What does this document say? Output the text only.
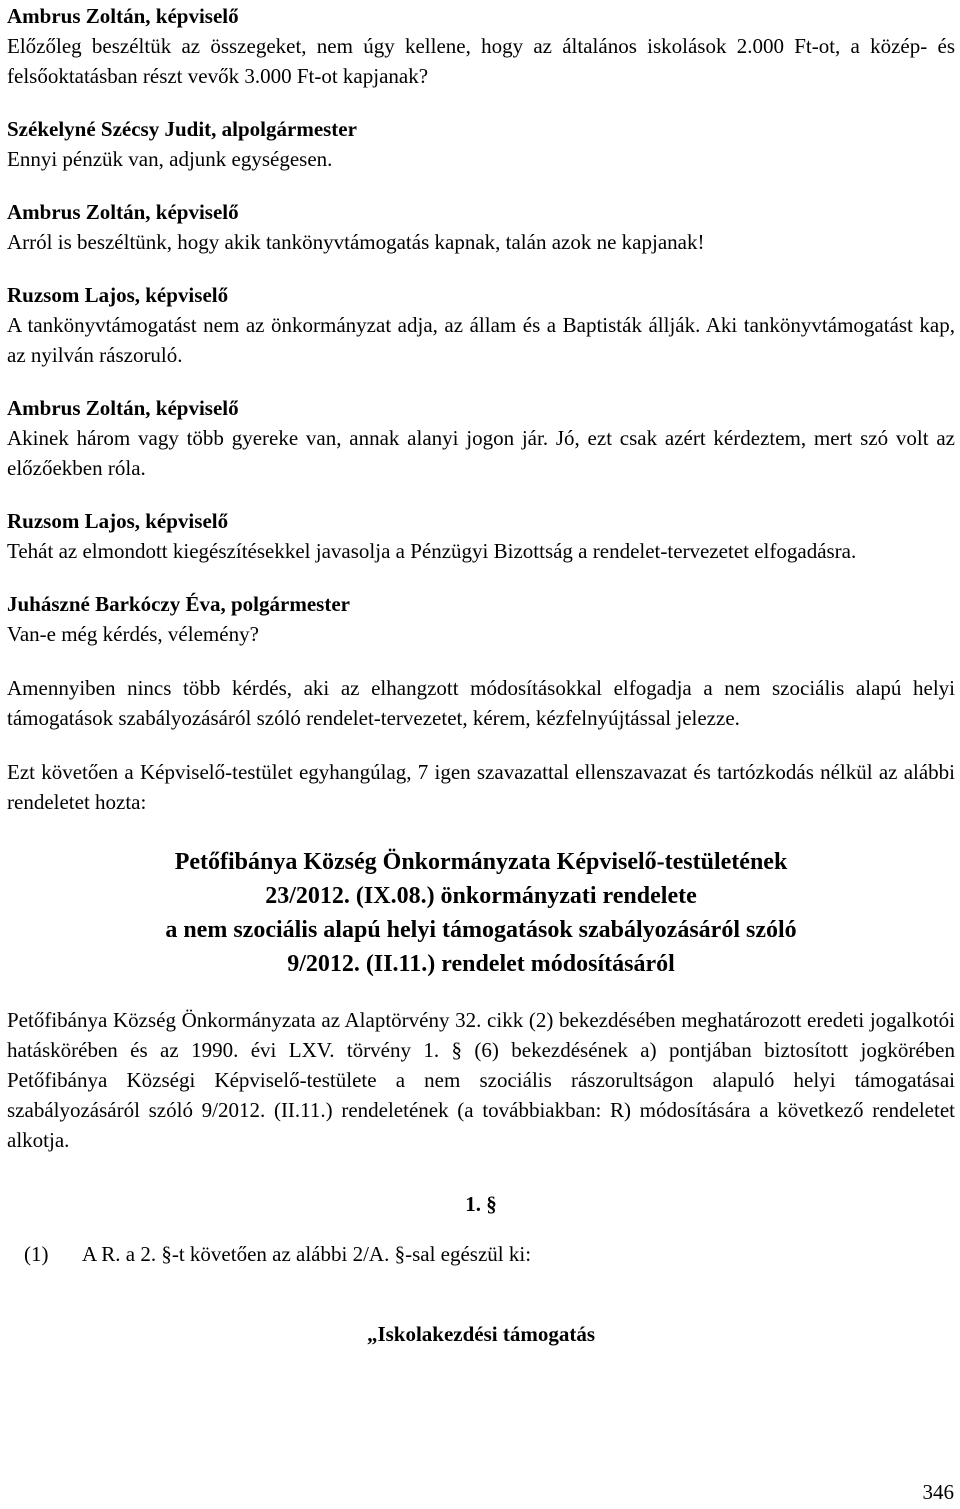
Ambrus Zoltán, képviselő

Előzőleg beszéltük az összegeket, nem úgy kellene, hogy az általános iskolások 2.000 Ft-ot, a közép- és felsőoktatásban részt vevők 3.000 Ft-ot kapjanak?

Székelyné Szécsy Judit, alpolgármester

Ennyi pénzük van, adjunk egységesen.

Ambrus Zoltán, képviselő

Arról is beszéltünk, hogy akik tankönyvtámogatás kapnak, talán azok ne kapjanak!

Ruzsom Lajos, képviselő

A tankönyvtámogatást nem az önkormányzat adja, az állam és a Baptisták állják. Aki tankönyvtámogatást kap, az nyilván rászoruló.

Ambrus Zoltán, képviselő

Akinek három vagy több gyereke van, annak alanyi jogon jár. Jó, ezt csak azért kérdeztem, mert szó volt az előzőekben róla.

Ruzsom Lajos, képviselő

Tehát az elmondott kiegészítésekkel javasolja a Pénzügyi Bizottság a rendelet-tervezetet elfogadásra.

Juhászné Barkóczy Éva, polgármester

Van-e még kérdés, vélemény?

Amennyiben nincs több kérdés, aki az elhangzott módosításokkal elfogadja a nem szociális alapú helyi támogatások szabályozásáról szóló rendelet-tervezetet, kérem, kézfelnyújtással jelezze.

Ezt követően a Képviselő-testület egyhangúlag, 7 igen szavazattal ellenszavazat és tartózkodás nélkül az alábbi rendeletet hozta:

Petőfibánya Község Önkormányzata Képviselő-testületének

23/2012. (IX.08.) önkormányzati rendelete

a nem szociális alapú helyi támogatások szabályozásáról szóló

9/2012. (II.11.) rendelet módosításáról

Petőfibánya Község Önkormányzata az Alaptörvény 32. cikk (2) bekezdésében meghatározott eredeti jogalkotói hatáskörében és az 1990. évi LXV. törvény 1. § (6) bekezdésének a) pontjában biztosított jogkörében Petőfibánya Községi Képviselő-testülete a nem szociális rászorultságon alapuló helyi támogatásai szabályozásáról szóló 9/2012. (II.11.) rendeletének (a továbbiakban: R) módosítására a következő rendeletet alkotja.

1. §
(1)	A R. a 2. §-t követően az alábbi 2/A. §-sal egészül ki:
„Iskolakezdési támogatás
346
